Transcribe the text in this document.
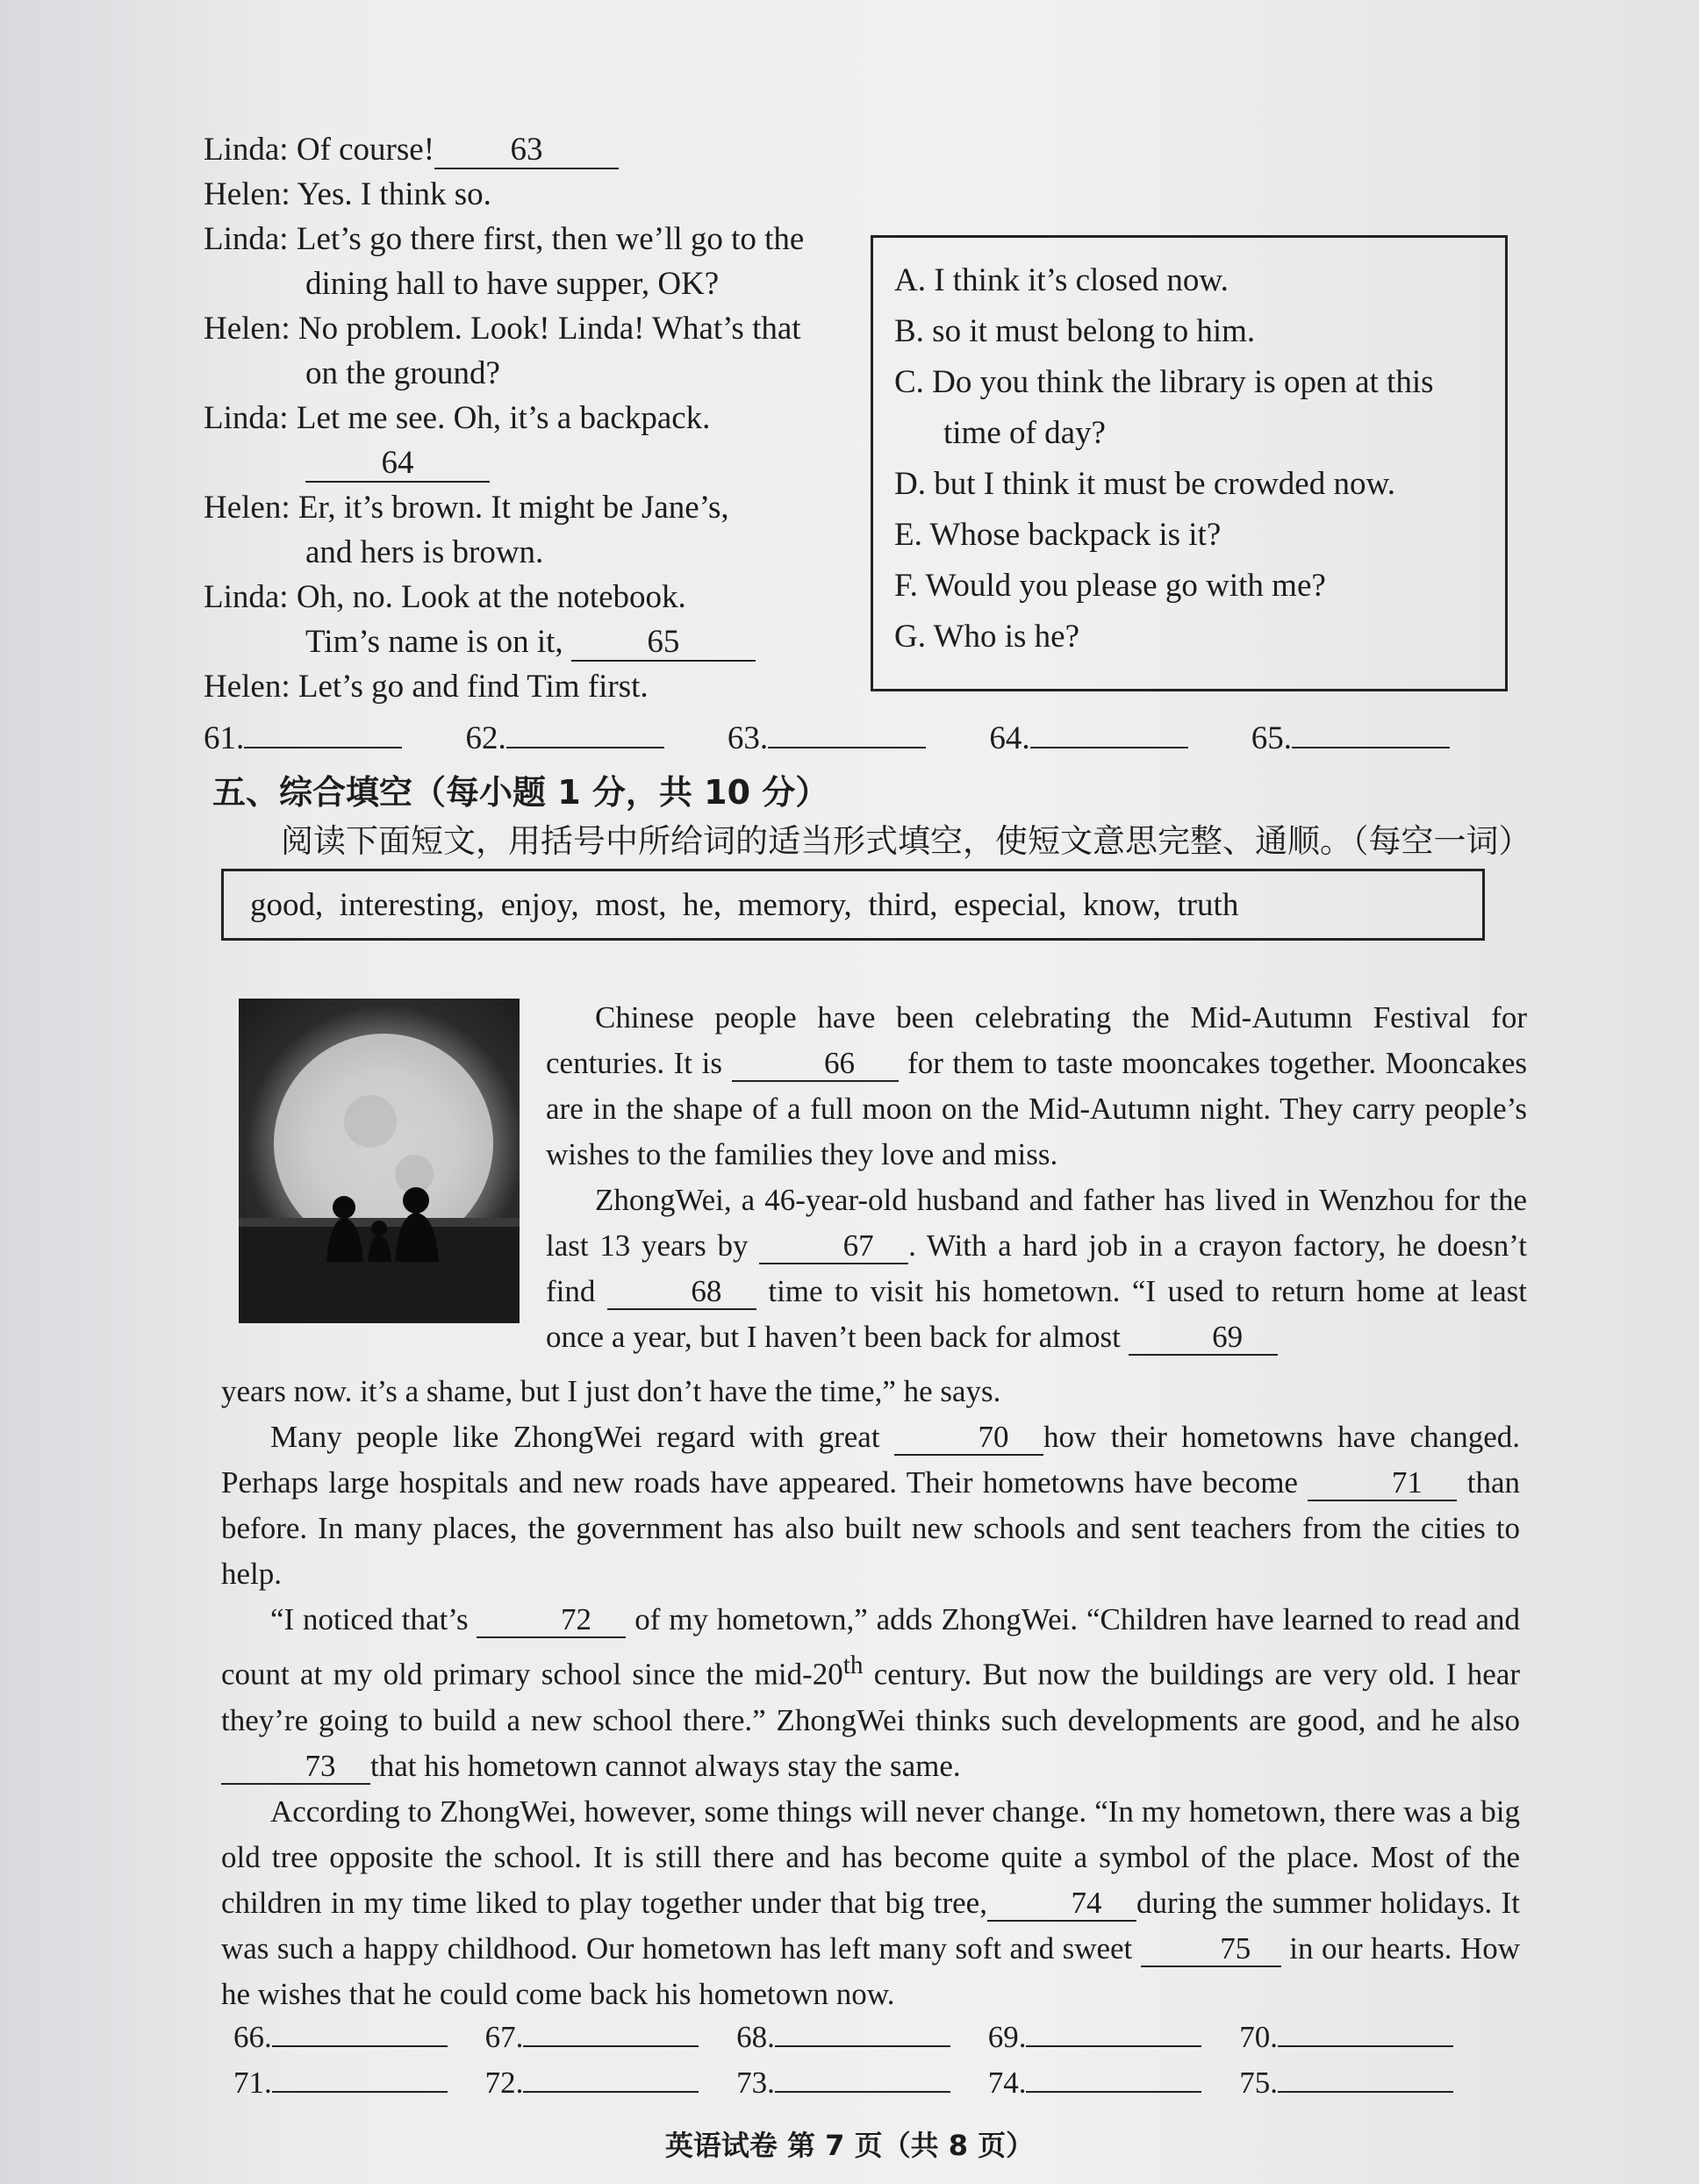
Linda: Of course! 63
Helen: Yes. I think so.
Linda: Let’s go there first, then we’ll go to the
dining hall to have supper, OK?
Helen: No problem. Look! Linda! What’s that
on the ground?
Linda: Let me see. Oh, it’s a backpack.
64
Helen: Er, it’s brown. It might be Jane’s,
and hers is brown.
Linda: Oh, no. Look at the notebook.
Tim’s name is on it,	65
Helen: Let’s go and find Tim first.
A. I think it’s closed now.
B. so it must belong to him.
C. Do you think the library is open at this
time of day?
D. but I think it must be crowded now.
E. Whose backpack is it?
F. Would you please go with me?
G. Who is he?
61.	62.	63.	64.	65.
五、综合填空（每小题 1 分，共 10 分）
阅读下面短文，用括号中所给词的适当形式填空，使短文意思完整、通顺。（每空一词）
good,
interesting,
enjoy,
most,
he,
memory,
third,
especial,
know,
truth

Chinese people have been celebrating the Mid-Autumn Festival for centuries. It is	66 for them to taste mooncakes together. Mooncakes are in the shape of a full moon on the Mid-Autumn night. They carry people’s wishes to the families they love and miss.

ZhongWei, a 46-year-old husband and father has lived in Wenzhou for the last 13 years by	67 . With a hard job in a crayon factory, he doesn’t find	68 time to visit his hometown. “I used to return home at least once a year, but I haven’t been back for almost	69

years now. it’s a shame, but I just don’t have the time,” he says.

Many people like ZhongWei regard with great	70 how their hometowns have changed. Perhaps large hospitals and new roads have appeared. Their hometowns have become	71 than before. In many places, the government has also built new schools and sent teachers from the cities to help.

“I noticed that’s	72 of my hometown,” adds ZhongWei. “Children have learned to read and count at my old primary school since the mid-20th century. But now the buildings are very old. I hear they’re going to build a new school there.” ZhongWei thinks such developments are good, and he also 73 that his hometown cannot always stay the same.

According to ZhongWei, however, some things will never change. “In my hometown, there was a big old tree opposite the school. It is still there and has become quite a symbol of the place. Most of the children in my time liked to play together under that big tree,	74 during the summer holidays. It was such a happy childhood. Our hometown has left many soft and sweet	75 in our hearts. How he wishes that he could come back his hometown now.

66.	67.	68.	69.	70.
71.	72.	73.	74.	75.
英语试卷 第 7 页（共 8 页）
